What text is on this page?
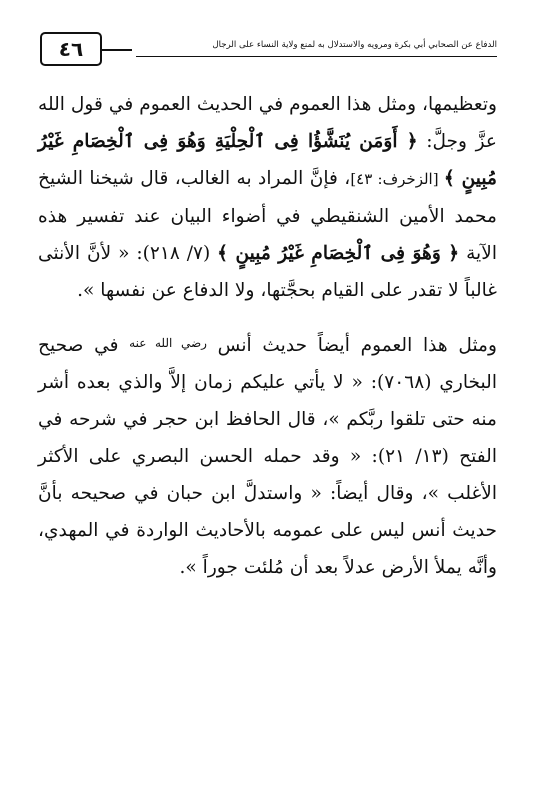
٤٦	الدفاع عن الصحابي أبي بكرة ومرويه والاستدلال به لمنع ولاية النساء على الرجال

وتعظيمها، ومثل هذا العموم في الحديث العموم في قول الله عزَّ وجلَّ: ﴿ أَوَمَن يُنَشَّؤُا فِى ٱلْحِلْيَةِ وَهُوَ فِى ٱلْخِصَامِ غَيْرُ مُبِينٍ ﴾ [الزخرف: ٤٣]، فإنَّ المراد به الغالب، قال شيخنا الشيخ محمد الأمين الشنقيطي في أضواء البيان عند تفسير هذه الآية ﴿ وَهُوَ فِى ٱلْخِصَامِ غَيْرُ مُبِينٍ ﴾ (٧/ ٢١٨): « لأنَّ الأنثى غالباً لا تقدر على القيام بحجَّتها، ولا الدفاع عن نفسها ».

ومثل هذا العموم أيضاً حديث أنس $^{رضي الله عنه}$ في صحيح البخاري (٧٠٦٨): « لا يأتي عليكم زمان إلاَّ والذي بعده أشر منه حتى تلقوا ربَّكم »، قال الحافظ ابن حجر في شرحه في الفتح (١٣/ ٢١): « وقد حمله الحسن البصري على الأكثر الأغلب »، وقال أيضاً: « واستدلَّ ابن حبان في صحيحه بأنَّ حديث أنس ليس على عمومه بالأحاديث الواردة في المهدي، وأنَّه يملأ الأرض عدلاً بعد أن مُلئت جوراً ».
